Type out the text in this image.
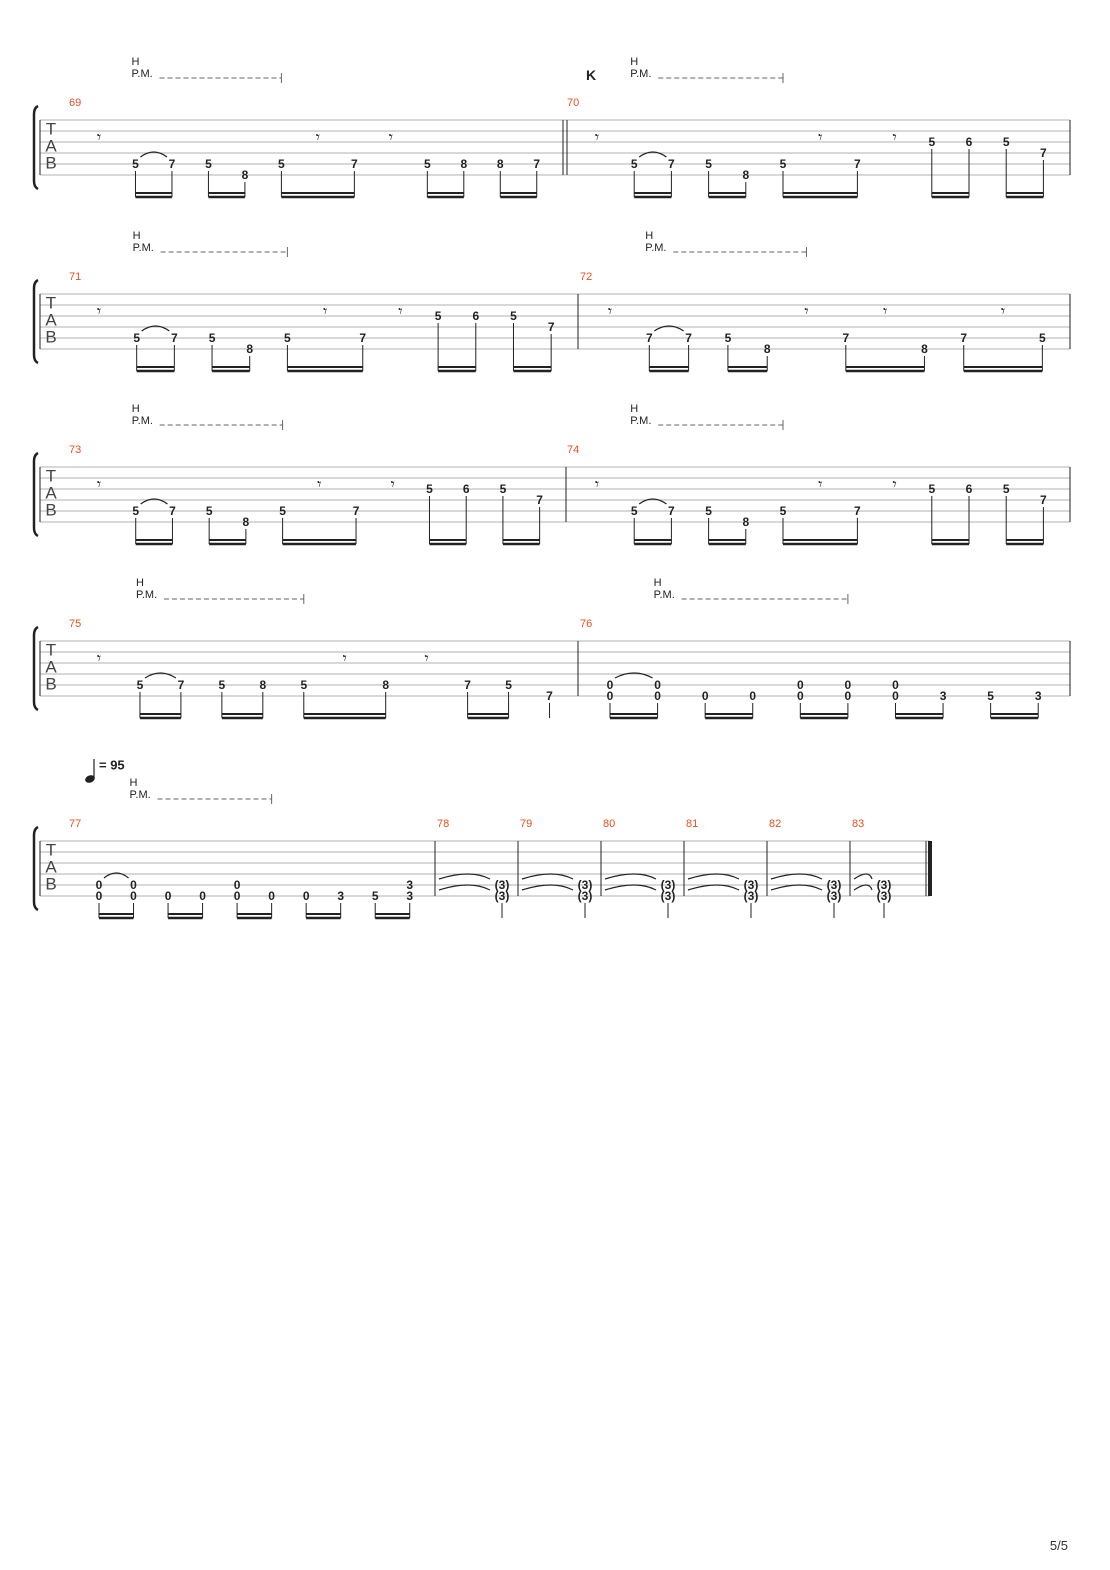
T
A
B
69
𝄾
5 7 5
8
5
𝄾
7
𝄾
5 8 8 7
H
P.M.
70
K
𝄾
5	7	5
8
5
𝄾
7
𝄾	5	6	5
7
H
P.M.
T
A
B
71
𝄾
5	7	5
8
5
𝄾
7
𝄾	5	6	5
7
H
P.M.
72
𝄾
7	7	5
8
𝄾
7
𝄾
8
7
𝄾
5
H
P.M.
T
A
B
73
𝄾
5	7	5
8
5
𝄾
7
𝄾	5	6	5
7
H
P.M.
74
𝄾
5	7	5
8
5
𝄾
7
𝄾	5	6	5
7
H
P.M.
T
A
B
75
𝄾
5	7	5	8	5
𝄾
8
𝄾
7	5
7
H
P.M.
76
0
0
0
0	0	0
0
0
0
0
0
0	3	5	3
H
P.M.
T
A
B
= 95
77
0
0
0
0 0 0
0
0 0 0 3 5
3
3
H
P.M.
78
(3)
(3)
79
(3)
(3)
80
(3)
(3)
81
(3)
(3)
82
(3)
(3)
83
(3)
(3)
5/5
